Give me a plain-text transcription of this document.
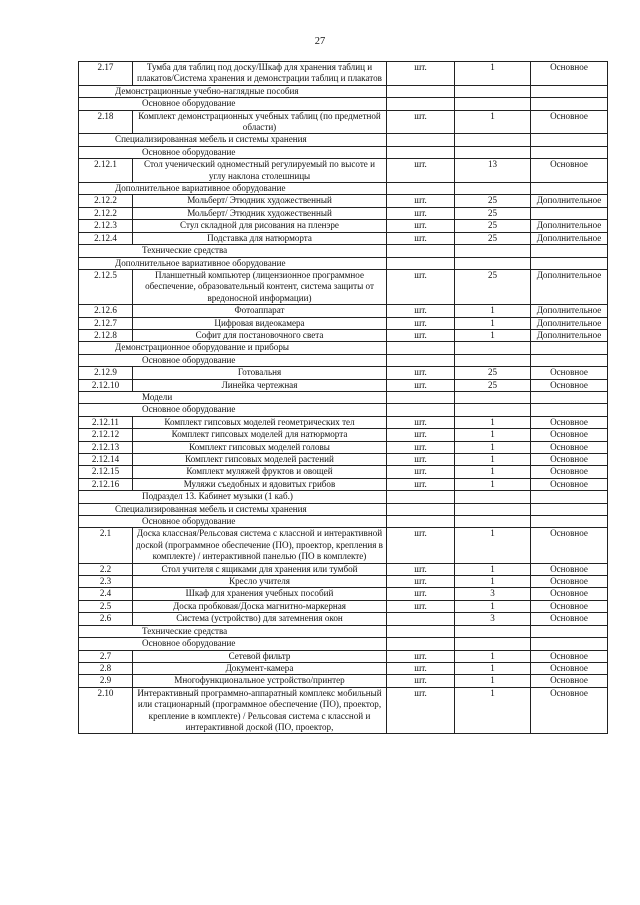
27
2.17	Тумба для таблиц под доску/Шкаф для хранения таблиц и плакатов/Система хранения и демонстрации таблиц и плакатов	шт.	1	Основное
Демонстрационные учебно-наглядные пособия				
Основное оборудование				
2.18	Комплект демонстрационных учебных таблиц (по предметной области)	шт.	1	Основное
Специализированная мебель и системы хранения				
Основное оборудование				
2.12.1	Стол ученический одноместный регулируемый по высоте и углу наклона столешницы	шт.	13	Основное
Дополнительное вариативное оборудование				
2.12.2	Мольберт/ Этюдник художественный	шт.	25	Дополнительное
2.12.2	Мольберт/ Этюдник художественный	шт.	25	
2.12.3	Стул складной для рисования на пленэре	шт.	25	Дополнительное
2.12.4	Подставка для натюрморта	шт.	25	Дополнительное
Технические средства				
Дополнительное вариативное оборудование				
2.12.5	Планшетный компьютер (лицензионное программное обеспечение, образовательный контент, система защиты от вредоносной информации)	шт.	25	Дополнительное
2.12.6	Фотоаппарат	шт.	1	Дополнительное
2.12.7	Цифровая видеокамера	шт.	1	Дополнительное
2.12.8	Софит для постановочного света	шт.	1	Дополнительное
Демонстрационное оборудование и приборы				
Основное оборудование				
2.12.9	Готовальня	шт.	25	Основное
2.12.10	Линейка чертежная	шт.	25	Основное
Модели				
Основное оборудование				
2.12.11	Комплект гипсовых моделей геометрических тел	шт.	1	Основное
2.12.12	Комплект гипсовых моделей для натюрморта	шт.	1	Основное
2.12.13	Комплект гипсовых моделей головы	шт.	1	Основное
2.12.14	Комплект гипсовых моделей растений	шт.	1	Основное
2.12.15	Комплект муляжей фруктов и овощей	шт.	1	Основное
2.12.16	Муляжи съедобных и ядовитых грибов	шт.	1	Основное
Подраздел 13. Кабинет музыки (1 каб.)				
Специализированная мебель и системы хранения				
Основное оборудование				
2.1	Доска классная/Рельсовая система с классной и интерактивной доской (программное обеспечение (ПО), проектор, крепления в комплекте) / интерактивной панелью (ПО в комплекте)	шт.	1	Основное
2.2	Стол учителя с ящиками для хранения или тумбой	шт.	1	Основное
2.3	Кресло учителя	шт.	1	Основное
2.4	Шкаф для хранения учебных пособий	шт.	3	Основное
2.5	Доска пробковая/Доска магнитно-маркерная	шт.	1	Основное
2.6	Система (устройство) для затемнения окон		3	Основное
Технические средства				
Основное оборудование				
2.7	Сетевой фильтр	шт.	1	Основное
2.8	Документ-камера	шт.	1	Основное
2.9	Многофункциональное устройство/принтер	шт.	1	Основное
2.10	Интерактивный программно-аппаратный комплекс мобильный или стационарный (программное обеспечение (ПО), проектор, крепление в комплекте) / Рельсовая система с классной и интерактивной доской (ПО, проектор,	шт.	1	Основное
